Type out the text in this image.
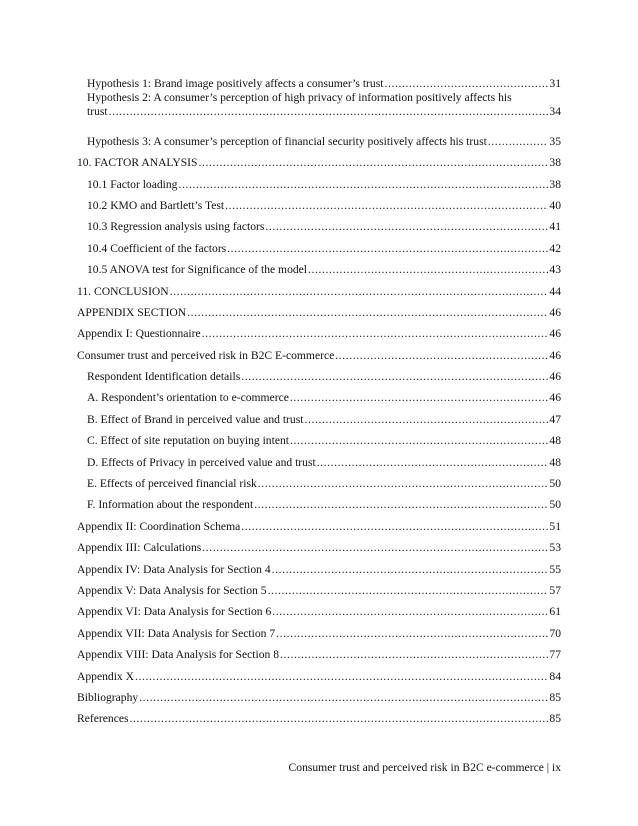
Hypothesis 1: Brand image positively affects a consumer’s trust .....	31
Hypothesis 2: A consumer’s perception of high privacy of information positively affects his
trust .....	34
Hypothesis 3: A consumer’s perception of financial security positively affects his trust .....	35
10. FACTOR ANALYSIS .....	38
10.1 Factor loading .....	38
10.2 KMO and Bartlett’s Test .....	40
10.3 Regression analysis using factors .....	41
10.4 Coefficient of the factors .....	42
10.5 ANOVA test for Significance of the model .....	43
11. CONCLUSION .....	44
APPENDIX SECTION .....	46
Appendix I: Questionnaire .....	46
Consumer trust and perceived risk in B2C E-commerce .....	46
Respondent Identification details .....	46
A. Respondent’s orientation to e-commerce .....	46
B. Effect of Brand in perceived value and trust .....	47
C. Effect of site reputation on buying intent .....	48
D. Effects of Privacy in perceived value and trust .....	48
E. Effects of perceived financial risk .....	50
F. Information about the respondent .....	50
Appendix II: Coordination Schema .....	51
Appendix III: Calculations .....	53
Appendix IV: Data Analysis for Section 4 .....	55
Appendix V: Data Analysis for Section 5 .....	57
Appendix VI: Data Analysis for Section 6 .....	61
Appendix VII: Data Analysis for Section 7 .....	70
Appendix VIII: Data Analysis for Section 8 .....	77
Appendix X .....	84
Bibliography .....	85
References .....	85
Consumer trust and perceived risk in B2C e-commerce | ix
